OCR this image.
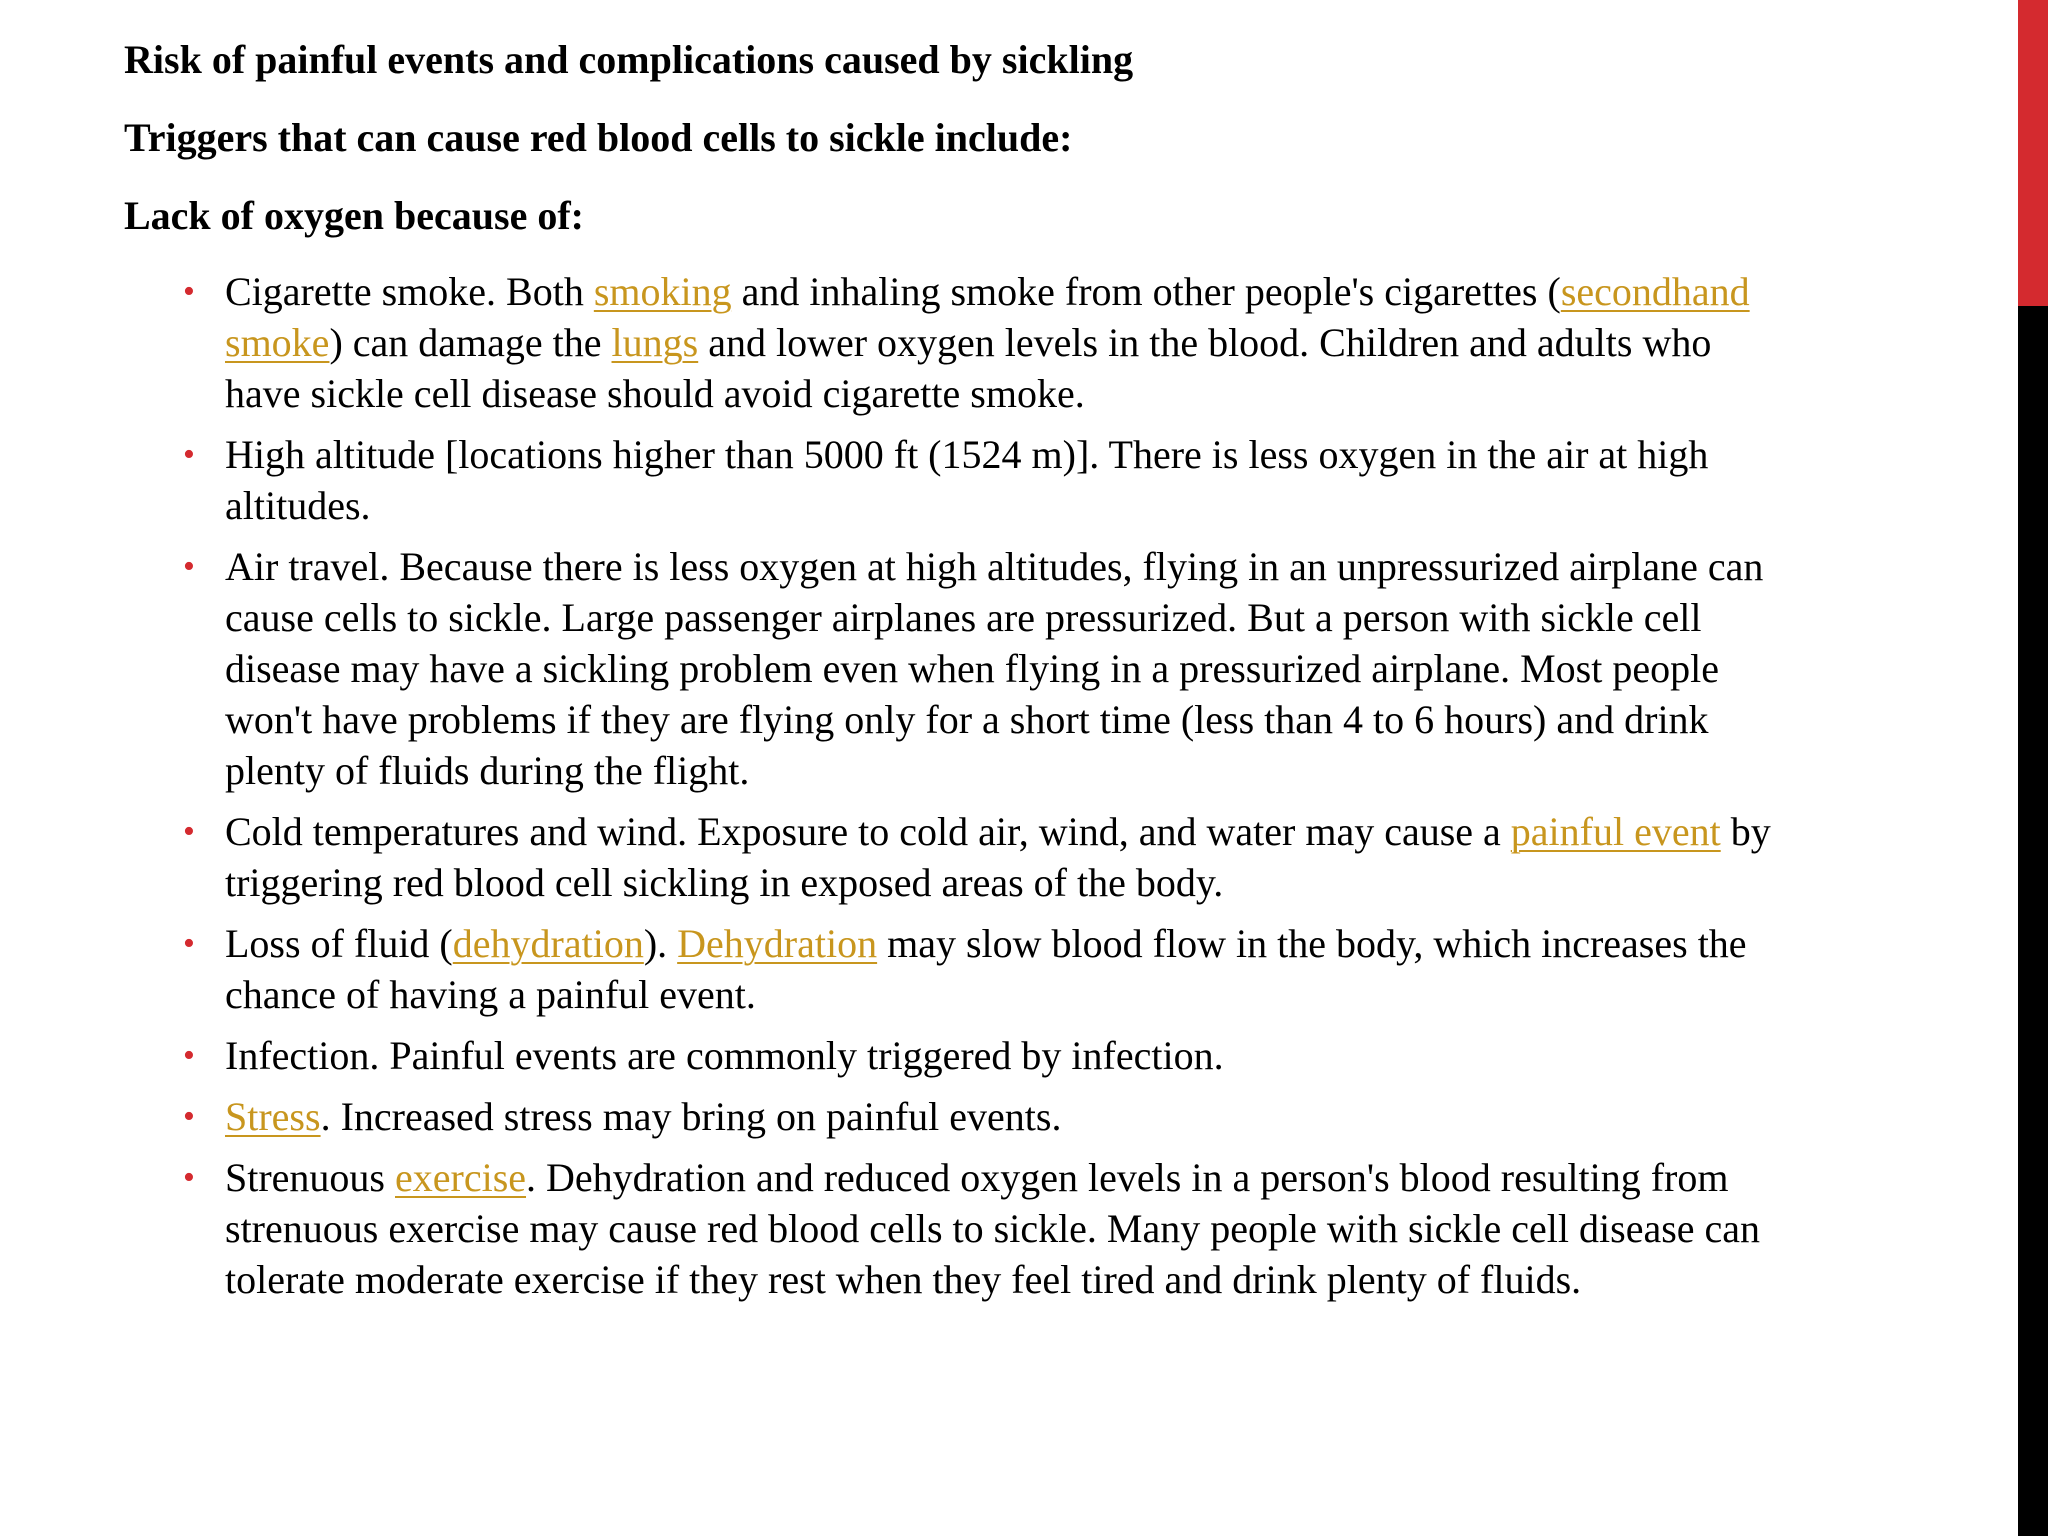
Risk of painful events and complications caused by sickling
Triggers that can cause red blood cells to sickle include:
Lack of oxygen because of:
• Cigarette smoke. Both smoking and inhaling smoke from other people's cigarettes (secondhand smoke) can damage the lungs and lower oxygen levels in the blood. Children and adults who have sickle cell disease should avoid cigarette smoke.
• High altitude [locations higher than 5000 ft (1524 m)]. There is less oxygen in the air at high altitudes.
• Air travel. Because there is less oxygen at high altitudes, flying in an unpressurized airplane can cause cells to sickle. Large passenger airplanes are pressurized. But a person with sickle cell disease may have a sickling problem even when flying in a pressurized airplane. Most people won't have problems if they are flying only for a short time (less than 4 to 6 hours) and drink plenty of fluids during the flight.
• Cold temperatures and wind. Exposure to cold air, wind, and water may cause a painful event by triggering red blood cell sickling in exposed areas of the body.
• Loss of fluid (dehydration). Dehydration may slow blood flow in the body, which increases the chance of having a painful event.
• Infection. Painful events are commonly triggered by infection.
• Stress. Increased stress may bring on painful events.
• Strenuous exercise. Dehydration and reduced oxygen levels in a person's blood resulting from strenuous exercise may cause red blood cells to sickle. Many people with sickle cell disease can tolerate moderate exercise if they rest when they feel tired and drink plenty of fluids.
